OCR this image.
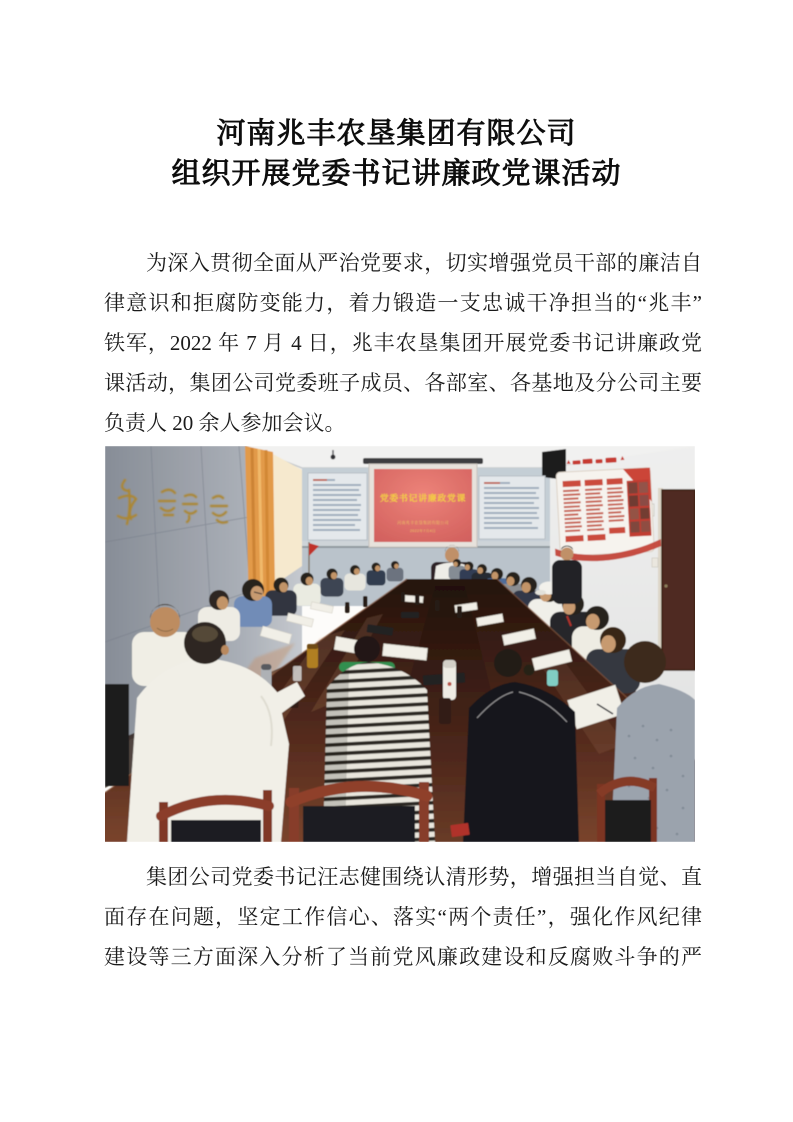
河南兆丰农垦集团有限公司
组织开展党委书记讲廉政党课活动
为深入贯彻全面从严治党要求，切实增强党员干部的廉洁自
律意识和拒腐防变能力，着力锻造一支忠诚干净担当的“兆丰”
铁军，2022 年 7 月 4 日，兆丰农垦集团开展党委书记讲廉政党
课活动，集团公司党委班子成员、各部室、各基地及分公司主要
负责人 20 余人参加会议。
党委书记讲廉政党课
河南兆丰农垦集团有限公司
2022年7月4日
集团公司党委书记汪志健围绕认清形势，增强担当自觉、直
面存在问题，坚定工作信心、落实“两个责任”，强化作风纪律
建设等三方面深入分析了当前党风廉政建设和反腐败斗争的严
